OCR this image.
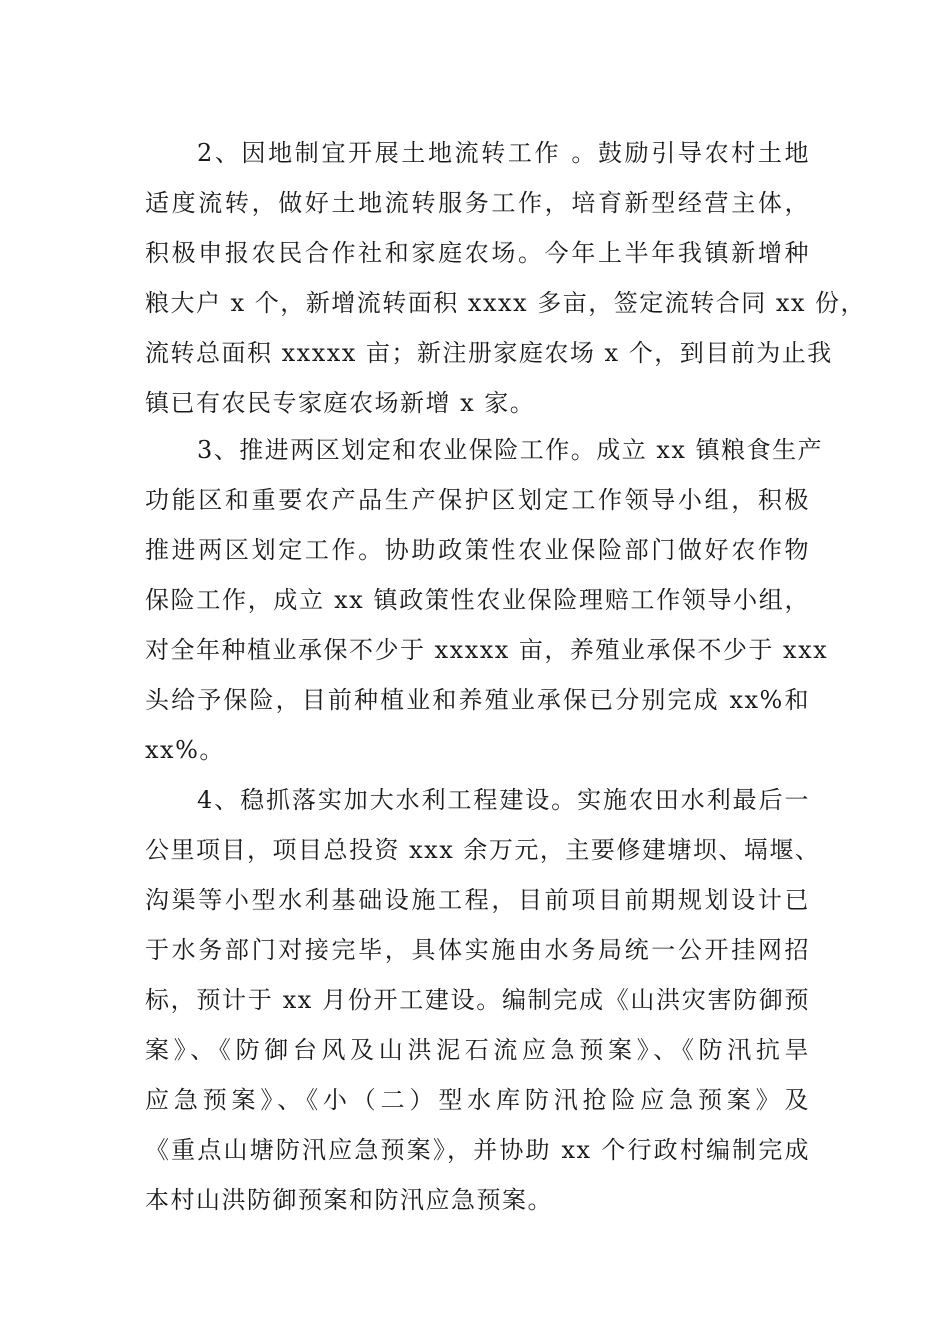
2、因地制宜开展土地流转工作 。鼓励引导农村土地
适度流转，做好土地流转服务工作，培育新型经营主体，
积极申报农民合作社和家庭农场。今年上半年我镇新增种
粮大户 x 个，新增流转面积 xxxx 多亩，签定流转合同 xx 份，
流转总面积 xxxxx 亩；新注册家庭农场 x 个，到目前为止我
镇已有农民专家庭农场新增 x 家。
3、推进两区划定和农业保险工作。成立 xx 镇粮食生产
功能区和重要农产品生产保护区划定工作领导小组，积极
推进两区划定工作。协助政策性农业保险部门做好农作物
保险工作，成立 xx 镇政策性农业保险理赔工作领导小组，
对全年种植业承保不少于 xxxxx 亩，养殖业承保不少于 xxx
头给予保险，目前种植业和养殖业承保已分别完成 xx%和
xx%。
4、稳抓落实加大水利工程建设。实施农田水利最后一
公里项目，项目总投资 xxx 余万元，主要修建塘坝、塥堰、
沟渠等小型水利基础设施工程，目前项目前期规划设计已
于水务部门对接完毕，具体实施由水务局统一公开挂网招
标，预计于 xx 月份开工建设。编制完成《山洪灾害防御预
案》、《防御台风及山洪泥石流应急预案》、《防汛抗旱
应急预案》、《小（二）型水库防汛抢险应急预案》及
《重点山塘防汛应急预案》，并协助 xx 个行政村编制完成
本村山洪防御预案和防汛应急预案。
